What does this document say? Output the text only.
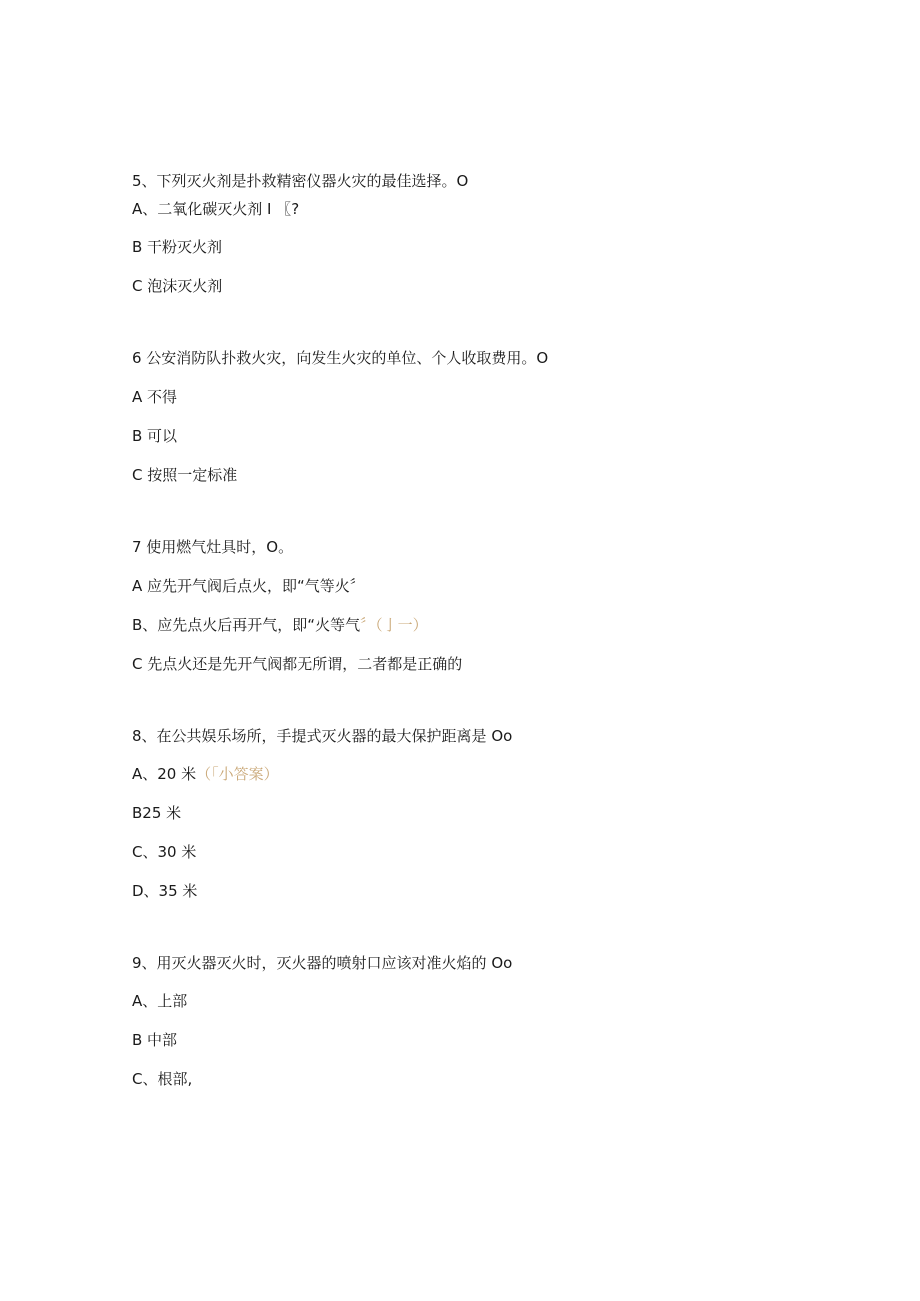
5、下列灭火剂是扑救精密仪器火灾的最佳选择。O
A、二氧化碳灭火剂 I 〖?
B 干粉灭火剂
C 泡沫灭火剂
6 公安消防队扑救火灾，向发生火灾的单位、个人收取费用。O
A 不得
B 可以
C 按照一定标准
7 使用燃气灶具时，O。
A 应先开气阀后点火，即“气等火〞
B、应先点火后再开气，即“火等气〞（亅一）
C 先点火还是先开气阀都无所谓，二者都是正确的
8、在公共娱乐场所，手提式灭火器的最大保护距离是 Oo
A、20 米（「小答案）
B25 米
C、30 米
D、35 米
9、用灭火器灭火时，灭火器的喷射口应该对准火焰的 Oo
A、上部
B 中部
C、根部,
